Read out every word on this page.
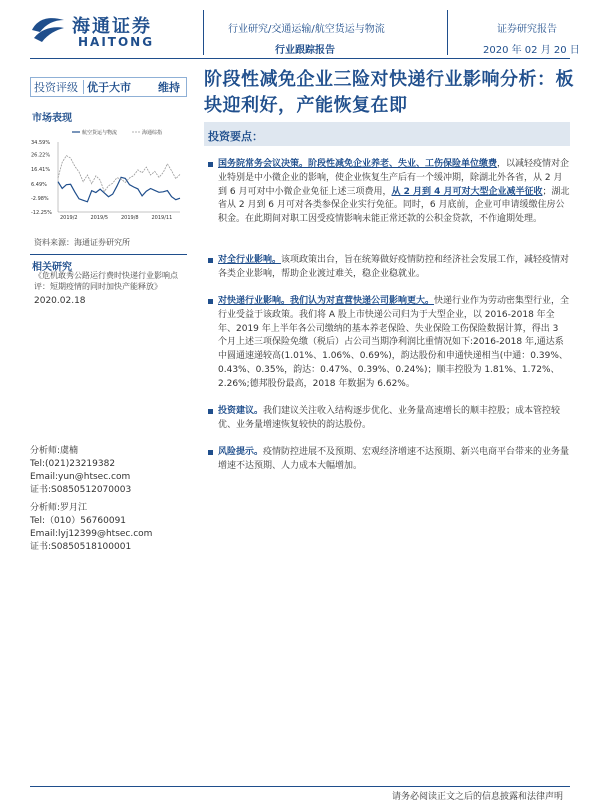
海通证券
HAITONG
行业研究/交通运输/航空货运与物流
行业跟踪报告
证券研究报告
2020 年 02 月 20 日
投资评级 优于大市	维持
市场表现
34.59%
26.22%
16.41%
6.49%
-2.98%
-12.25%
2019/2	2019/5	2019/8	2019/11
航空货运与物流	海通综指
资料来源：海通证券研究所
相关研究
《危机敢秀公路运行费时快递行业影响点评：短期疫情的同时加快产能释放》
2020.02.18
分析师:虞楠
Tel:(021)23219382
Email:yun@htsec.com
证书:S0850512070003
分析师:罗月江
Tel:（010）56760091
Email:lyj12399@htsec.com
证书:S0850518100001
阶段性减免企业三险对快递行业影响分析：板块迎利好，产能恢复在即
投资要点：
国务院常务会议决策。阶段性减免企业养老、失业、工伤保险单位缴费，以减轻疫情对企业特别是中小微企业的影响，使企业恢复生产后有一个缓冲期，除湖北外各省，从 2 月到 6 月可对中小微企业免征上述三项费用，从 2 月到 4 月可对大型企业减半征收；湖北省从 2 月到 6 月可对各类参保企业实行免征。同时，6 月底前，企业可申请缓缴住房公积金。在此期间对职工因受疫情影响未能正常还款的公积金贷款，不作逾期处理。
对全行业影响。该项政策出台，旨在统筹做好疫情防控和经济社会发展工作，减轻疫情对各类企业影响，帮助企业渡过难关，稳企业稳就业。
对快递行业影响。我们认为对直营快递公司影响更大。快递行业作为劳动密集型行业，全行业受益于该政策。我们将 A 股上市快递公司归为于大型企业，以 2016-2018 年全年、2019 年上半年各公司缴纳的基本养老保险、失业保险工伤保险数据计算，得出 3 个月上述三项保险免缴（税后）占公司当期净利润比重情况如下:2016-2018 年,通达系中圆通速递较高(1.01%、1.06%、0.69%)，韵达股份和申通快递相当(中通：0.39%、0.43%、0.35%，韵达：0.47%、0.39%、0.24%)；顺丰控股为 1.81%、1.72%、2.26%;德邦股份最高，2018 年数据为 6.62%。
投资建议。我们建议关注收入结构逐步优化、业务量高速增长的顺丰控股；成本管控较优、业务量增速恢复较快的韵达股份。
风险提示。疫情防控进展不及预期、宏观经济增速不达预期、新兴电商平台带来的业务量增速不达预期、人力成本大幅增加。
请务必阅读正文之后的信息披露和法律声明
